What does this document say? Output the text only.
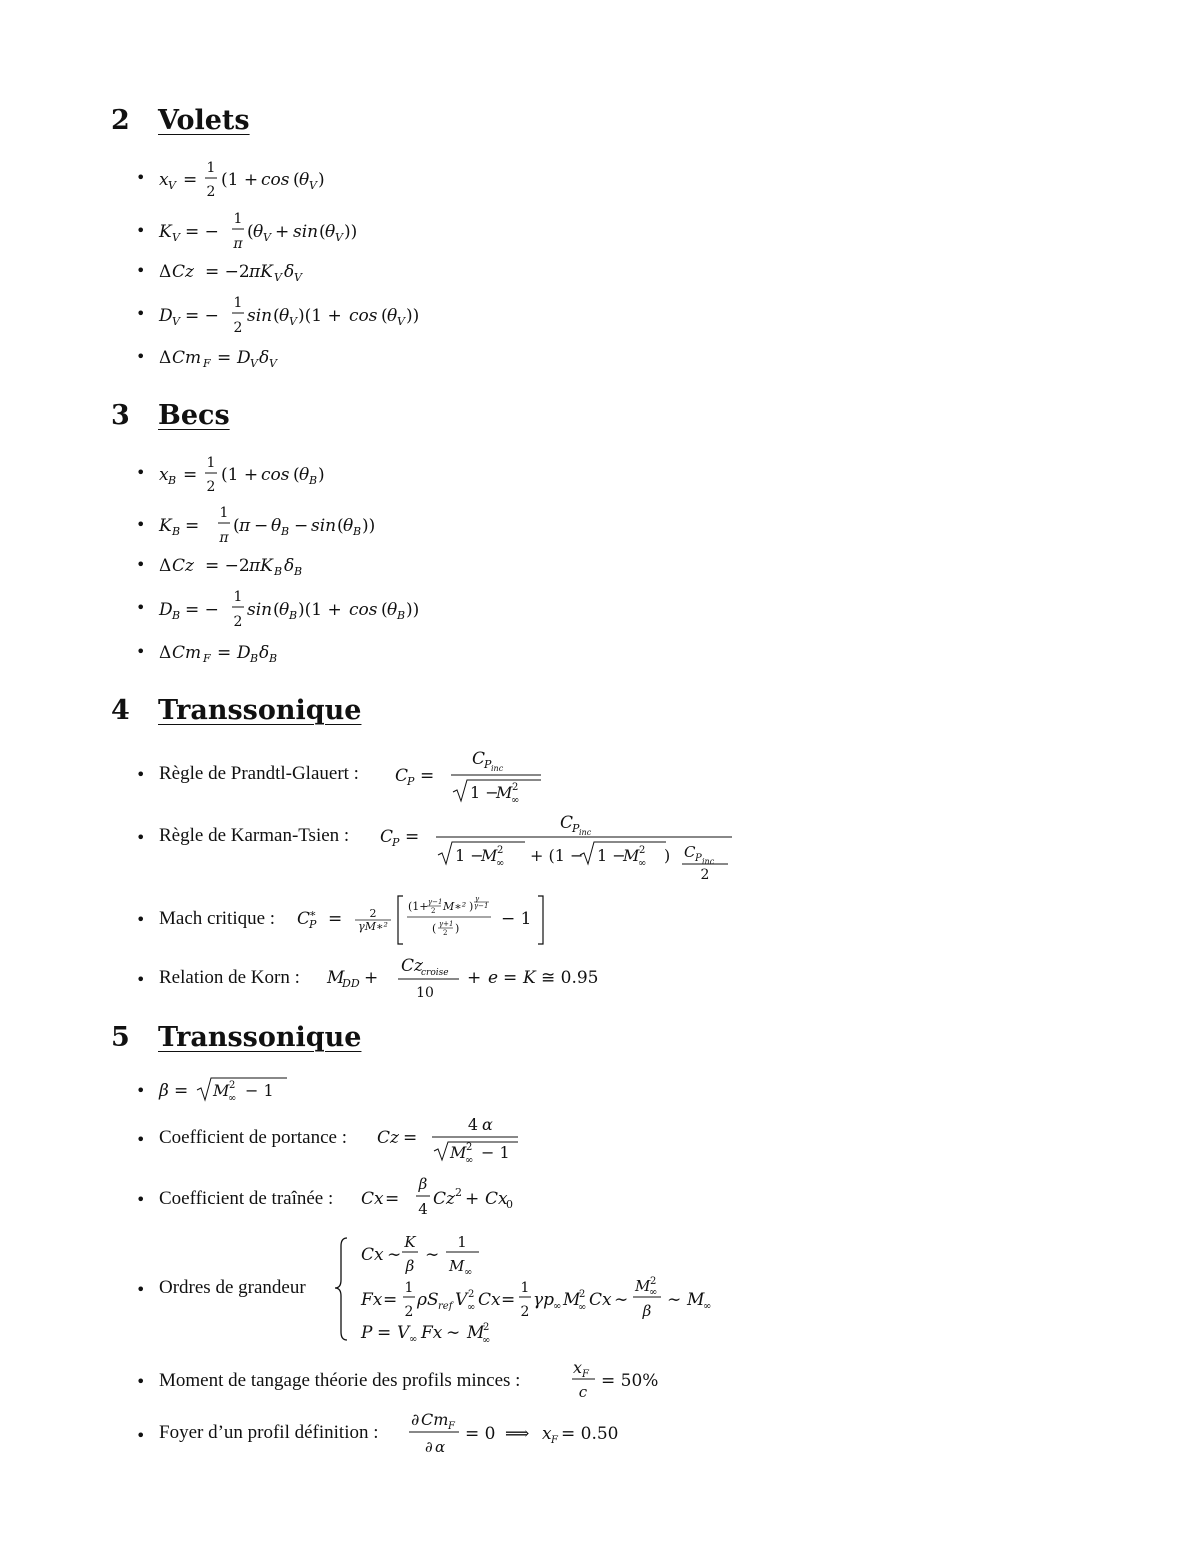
2 Volets
• x V =
1
2
(1 + cos ( θ V )
• K V = −
1
π
( θ V + sin ( θ V ))
• Δ Cz = −2 πK V δ V
• D V = −
1
2
sin ( θ V )(1 + cos ( θ V ))
• Δ Cm F = D V δ V
3 Becs
• x B =
1
2
(1 + cos ( θ B )
• K B =
1
π
( π − θ B − sin ( θ B ))
• Δ Cz = −2 πK B δ B
• D B = −
1
2
sin ( θ B )(1 + cos ( θ B ))
• Δ Cm F = D B δ B
4 Transsonique
• Règle de Prandtl-Glauert : C
P =
C
P inc
1 −
M 2
∞
• Règle de Karman-Tsien : C
P =
C
P inc
1 −
M 2
∞ + (1 − 1 −
M 2
∞ ) C P inc
2
• Mach critique : C
∗
P = 2
γM∗²
(1+ γ−1
2 M∗² )
γ
γ−1
( γ+1
2 ) − 1
• Relation de Korn : M
DD +
Cz
croise
10
+ e = K ≅ 0.95
5 Transsonique
• β = M 2
∞ − 1
• Coefficient de portance : Cz =
4 α
M 2
∞ − 1
• Coefficient de traînée : Cx =
β
4 Cz 2 + Cx
0
• Ordres de grandeur
Cx ∼
K
β
∼
1
M ∞
Fx =
1
2
ρS ref V 2
∞ Cx =
1
2
γp
∞ M
2
∞ Cx ∼
M 2
∞
β
∼ M
∞
P = V ∞ Fx ∼ M
2
∞
• Moment de tangage théorie des profils minces :
x F
c
= 50%
• Foyer d’un profil définition :
∂ Cm F
∂ α
= 0 ⟹ x F = 0.50
